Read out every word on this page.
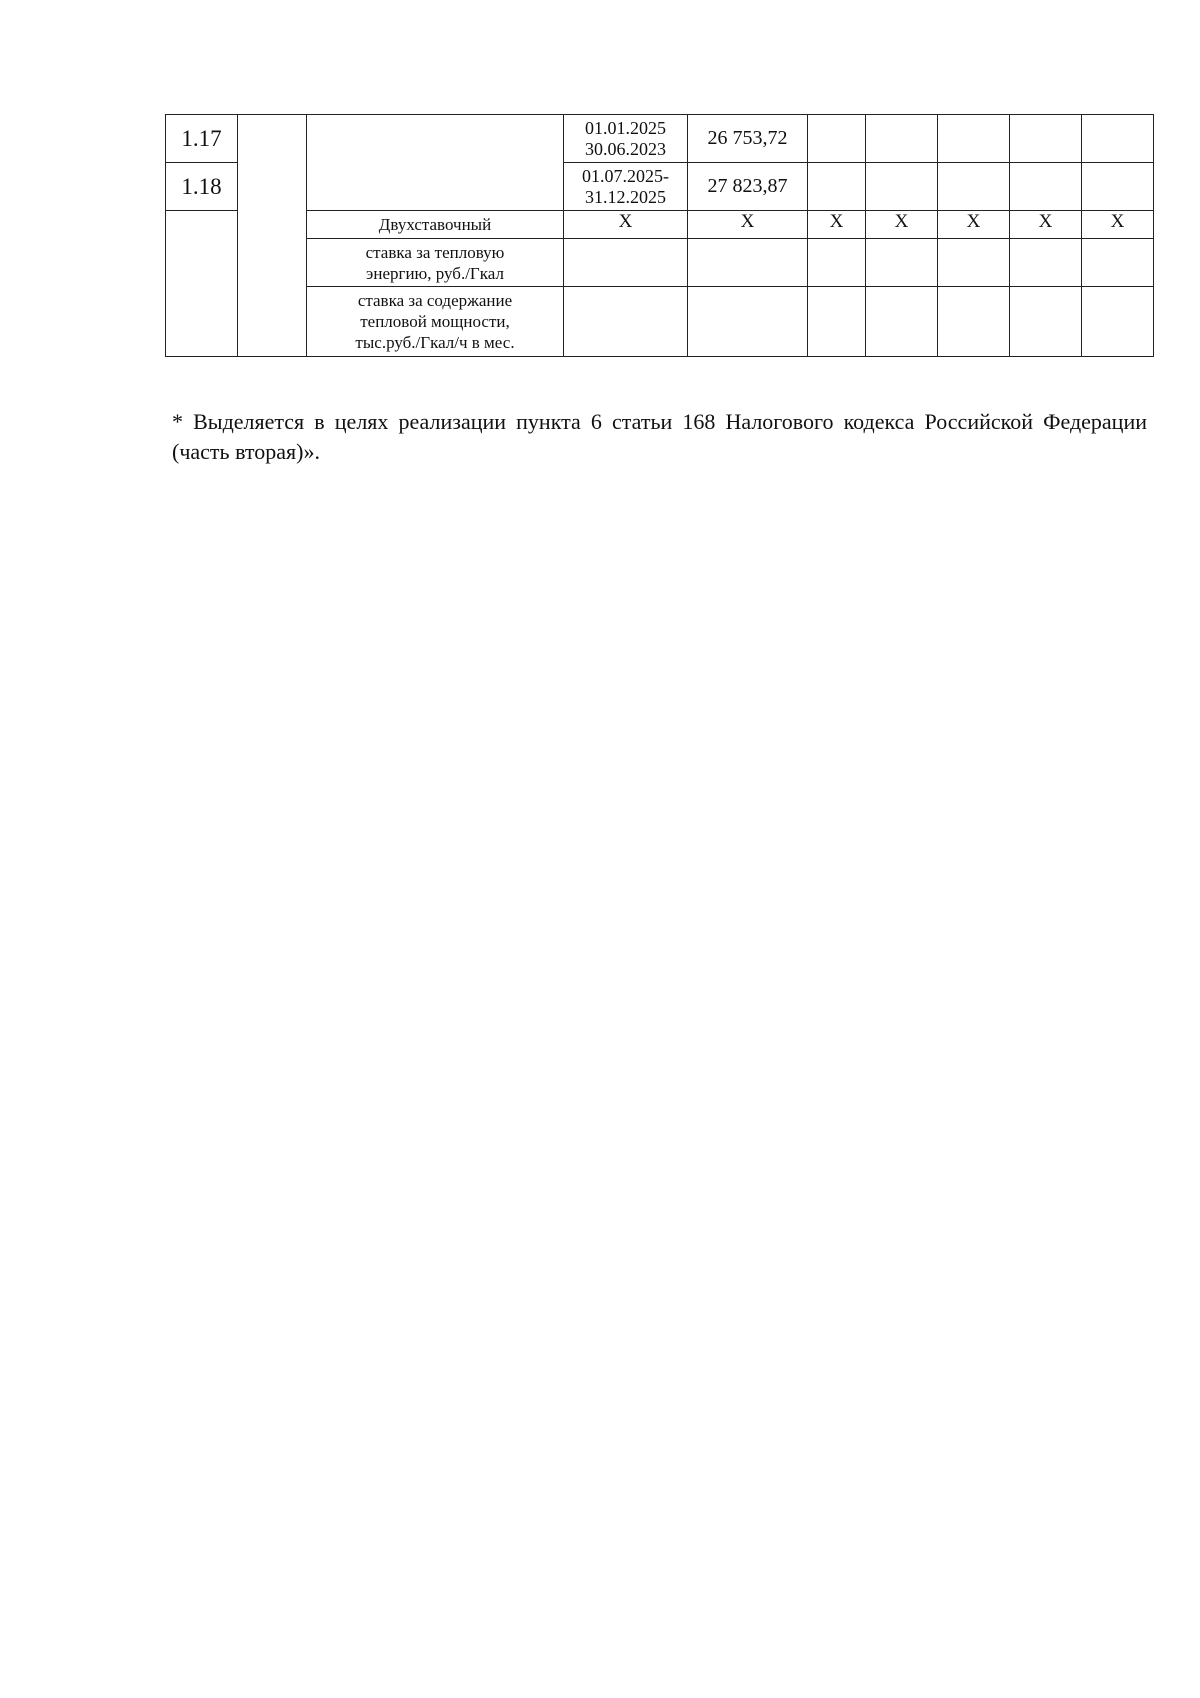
1.17			01.01.2025
30.06.2023	26 753,72					
1.18			01.07.2025-
31.12.2025	27 823,87					
		Двухставочный	X	X	X	X	X	X	X

		ставка за тепловую
энергию, руб./Гкал							

		ставка за содержание
тепловой мощности,
тыс.руб./Гкал/ч в мес.							

* Выделяется в целях реализации пункта 6 статьи 168 Налогового кодекса Российской Федерации (часть вторая)».
